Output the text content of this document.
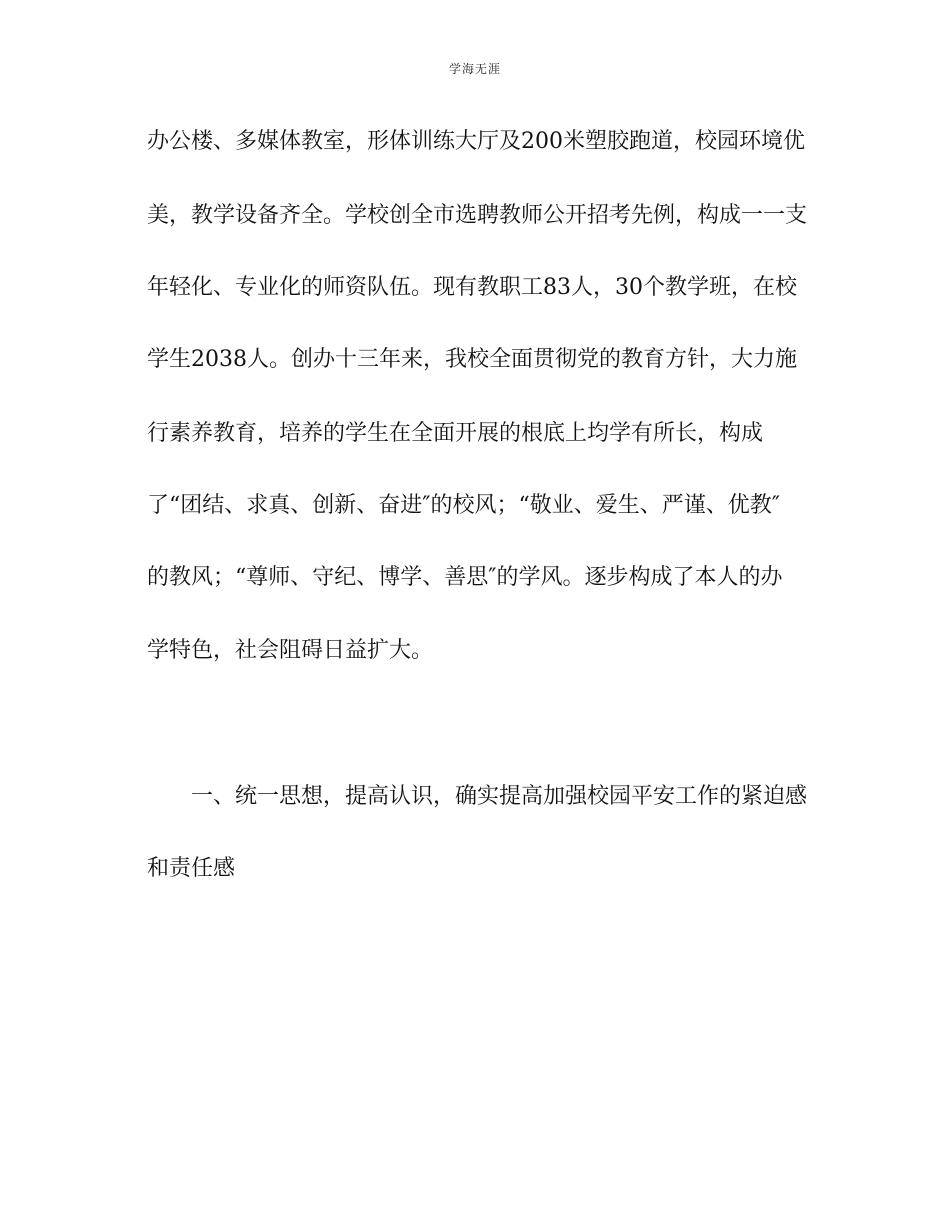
学海无涯
办公楼、多媒体教室，形体训练大厅及200米塑胶跑道，校园环境优
美，教学设备齐全。学校创全市选聘教师公开招考先例，构成一一支
年轻化、专业化的师资队伍。现有教职工83人，30个教学班，在校
学生2038人。创办十三年来，我校全面贯彻党的教育方针，大力施
行素养教育，培养的学生在全面开展的根底上均学有所长，构成
了“团结、求真、创新、奋进″的校风；“敬业、爱生、严谨、优教″
的教风；“尊师、守纪、博学、善思″的学风。逐步构成了本人的办
学特色，社会阻碍日益扩大。
　　一、统一思想，提高认识，确实提高加强校园平安工作的紧迫感
和责任感
